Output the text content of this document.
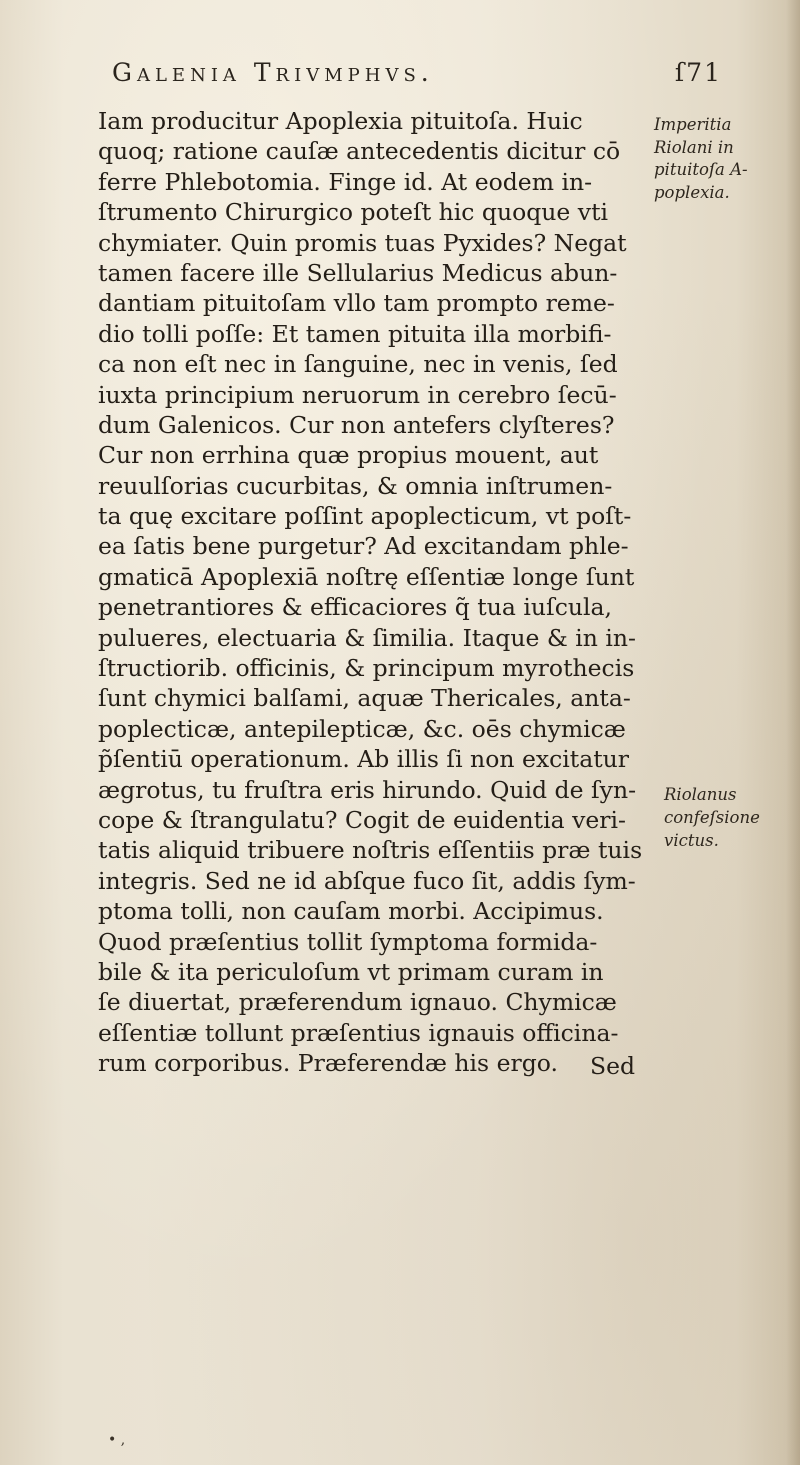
Galenia Trivmphvs.	ſ71
Iam producitur Apoplexia pituitoſa. Huic
quoq; ratione cauſæ antecedentis dicitur cō
ferre Phlebotomia. Finge id. At eodem in-
ſtrumento Chirurgico poteſt hic quoque vti
chymiater. Quin promis tuas Pyxides? Negat
tamen facere ille Sellularius Medicus abun-
dantiam pituitoſam vllo tam prompto reme-
dio tolli poſſe: Et tamen pituita illa morbifi-
ca non eſt nec in ſanguine, nec in venis, ſed
iuxta principium neruorum in cerebro ſecū-
dum Galenicos. Cur non antefers clyſteres?
Cur non errhina quæ propius mouent, aut
reuulſorias cucurbitas, & omnia inſtrumen-
ta quę excitare poſſint apoplecticum, vt poſt-
ea ſatis bene purgetur? Ad excitandam phle-
gmaticā Apoplexiā noſtrę eſſentiæ longe ſunt
penetrantiores & efficaciores q̃ tua iuſcula,
pulueres, electuaria & ſimilia. Itaque & in in-
ſtructiorib. officinis, & principum myrothecis
ſunt chymici balſami, aquæ Thericales, anta-
poplecticæ, antepilepticæ, &c. oēs chymicæ
p̃ſentiū operationum. Ab illis ſi non excitatur
ægrotus, tu fruſtra eris hirundo. Quid de ſyn-
cope & ſtrangulatu? Cogit de euidentia veri-
tatis aliquid tribuere noſtris eſſentiis præ tuis
integris. Sed ne id abſque fuco ſit, addis ſym-
ptoma tolli, non cauſam morbi. Accipimus.
Quod præſentius tollit ſymptoma formida-
bile & ita periculoſum vt primam curam in
ſe diuertat, præferendum ignauo. Chymicæ
eſſentiæ tollunt præſentius ignauis officina-
rum corporibus. Præferendæ his ergo.
Imperitia
Riolani in
pituitoſa A-
poplexia.
Riolanus
confeſsione
victus.
Sed
• ,
